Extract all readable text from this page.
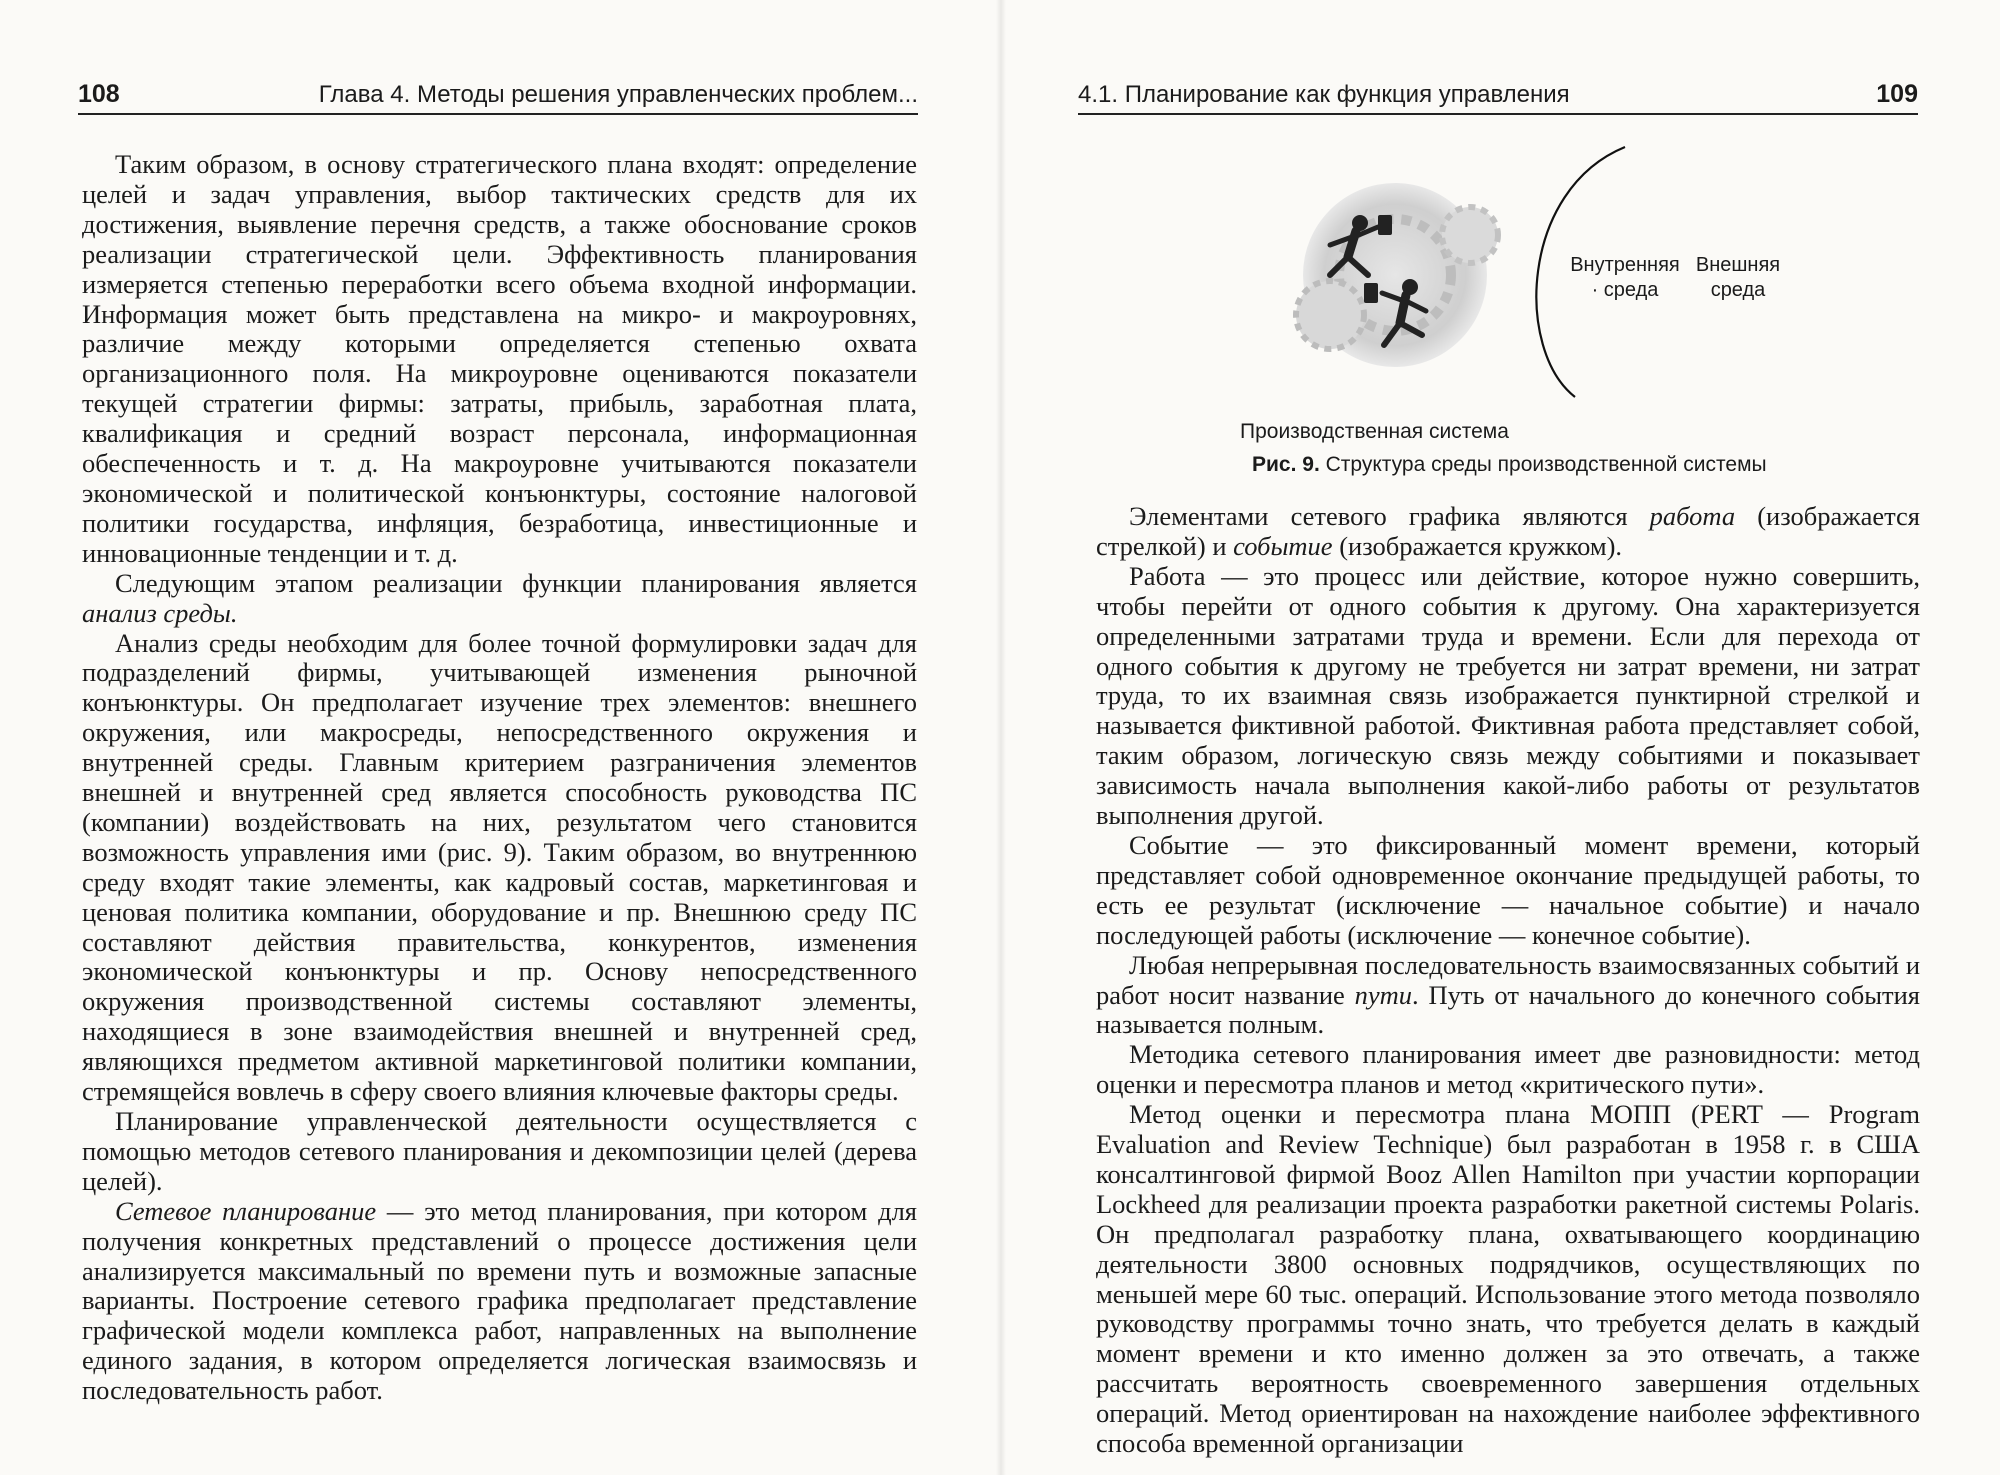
108	Глава 4. Методы решения управленческих проблем...

Таким образом, в основу стратегического плана входят: определение целей и задач управления, выбор тактических средств для их достижения, выявление перечня средств, а также обоснование сроков реализации стратегической цели. Эффективность планирования измеряется степенью переработки всего объема входной информации. Информация может быть представлена на микро- и макроуровнях, различие между которыми определяется степенью охвата организационного поля. На микроуровне оцениваются показатели текущей стратегии фирмы: затраты, прибыль, заработная плата, квалификация и средний возраст персонала, информационная обеспеченность и т. д. На макроуровне учитываются показатели экономической и политической конъюнктуры, состояние налоговой политики государства, инфляция, безработица, инвестиционные и инновационные тенденции и т. д.

Следующим этапом реализации функции планирования является анализ среды.

Анализ среды необходим для более точной формулировки задач для подразделений фирмы, учитывающей изменения рыночной конъюнктуры. Он предполагает изучение трех элементов: внешнего окружения, или макросреды, непосредственного окружения и внутренней среды. Главным критерием разграничения элементов внешней и внутренней сред является способность руководства ПС (компании) воздействовать на них, результатом чего становится возможность управления ими (рис. 9). Таким образом, во внутреннюю среду входят такие элементы, как кадровый состав, маркетинговая и ценовая политика компании, оборудование и пр. Внешнюю среду ПС составляют действия правительства, конкурентов, изменения экономической конъюнктуры и пр. Основу непосредственного окружения производственной системы составляют элементы, находящиеся в зоне взаимодействия внешней и внутренней сред, являющихся предметом активной маркетинговой политики компании, стремящейся вовлечь в сферу своего влияния ключевые факторы среды.

Планирование управленческой деятельности осуществляется с помощью методов сетевого планирования и декомпозиции целей (дерева целей).

Сетевое планирование — это метод планирования, при котором для получения конкретных представлений о процессе достижения цели анализируется максимальный по времени путь и возможные запасные варианты. Построение сетевого графика предполагает представление графической модели комплекса работ, направленных на выполнение единого задания, в котором определяется логическая взаимосвязь и последовательность работ.

4.1. Планирование как функция управления	109
Внутренняя
· среда
Внешняя
среда
Производственная система
Рис. 9. Структура среды производственной системы

Элементами сетевого графика являются работа (изображается стрелкой) и событие (изображается кружком).

Работа — это процесс или действие, которое нужно совершить, чтобы перейти от одного события к другому. Она характеризуется определенными затратами труда и времени. Если для перехода от одного события к другому не требуется ни затрат времени, ни затрат труда, то их взаимная связь изображается пунктирной стрелкой и называется фиктивной работой. Фиктивная работа представляет собой, таким образом, логическую связь между событиями и показывает зависимость начала выполнения какой-либо работы от результатов выполнения другой.

Событие — это фиксированный момент времени, который представляет собой одновременное окончание предыдущей работы, то есть ее результат (исключение — начальное событие) и начало последующей работы (исключение — конечное событие).

Любая непрерывная последовательность взаимосвязанных событий и работ носит название пути. Путь от начального до конечного события называется полным.

Методика сетевого планирования имеет две разновидности: метод оценки и пересмотра планов и метод «критического пути».

Метод оценки и пересмотра плана МОПП (PERT — Program Evaluation and Review Technique) был разработан в 1958 г. в США консалтинговой фирмой Booz Allen Hamilton при участии корпорации Lockheed для реализации проекта разработки ракетной системы Polaris. Он предполагал разработку плана, охватывающего координацию деятельности 3800 основных подрядчиков, осуществляющих по меньшей мере 60 тыс. операций. Использование этого метода позволяло руководству программы точно знать, что требуется делать в каждый момент времени и кто именно должен за это отвечать, а также рассчитать вероятность своевременного завершения отдельных операций. Метод ориентирован на нахождение наиболее эффективного способа временной организации
